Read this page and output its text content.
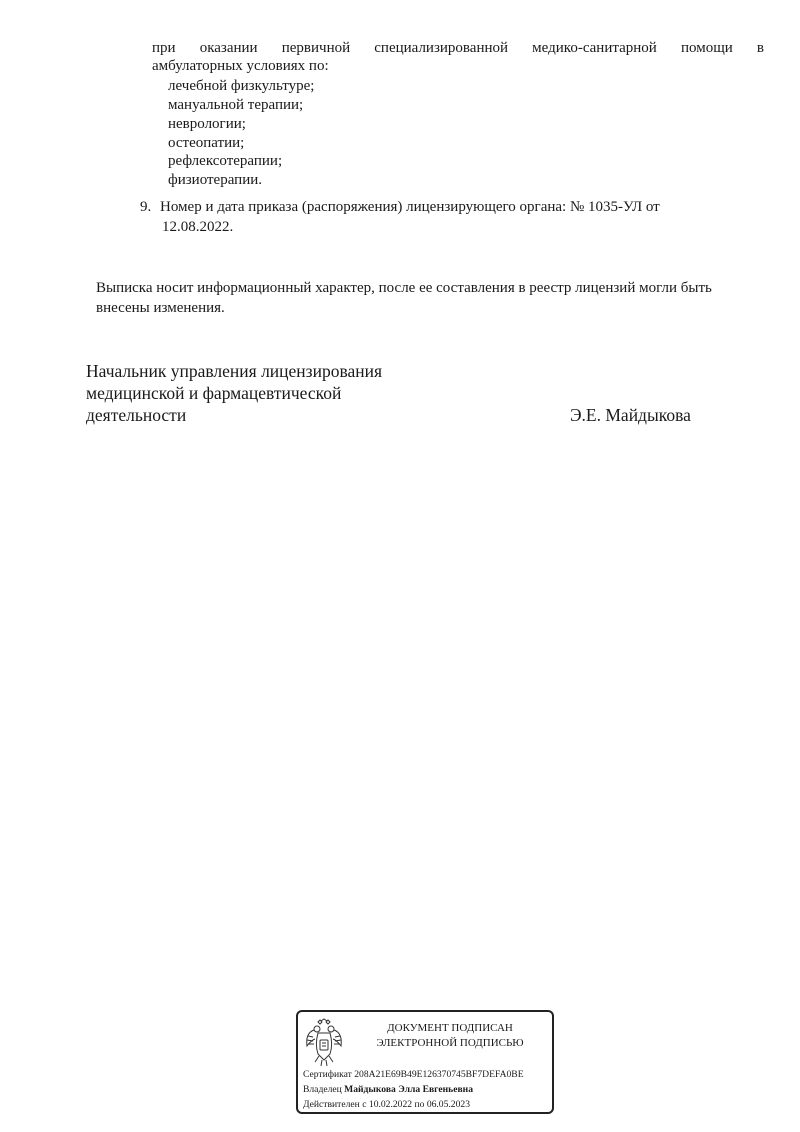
при оказании первичной специализированной медико-санитарной помощи в
амбулаторных условиях по:
лечебной физкультуре;
мануальной терапии;
неврологии;
остеопатии;
рефлексотерапии;
физиотерапии.
9. Номер и дата приказа (распоряжения) лицензирующего органа: № 1035-УЛ от
12.08.2022.
Выписка носит информационный характер, после ее составления в реестр лицензий могли быть
внесены изменения.
Начальник управления лицензирования
медицинской и фармацевтической
деятельности	Э.Е. Майдыкова
ДОКУМЕНТ ПОДПИСАН
ЭЛЕКТРОННОЙ ПОДПИСЬЮ
Сертификат 208A21E69B49E126370745BF7DEFA0BE
Владелец Майдыкова Элла Евгеньевна
Действителен с 10.02.2022 по 06.05.2023
